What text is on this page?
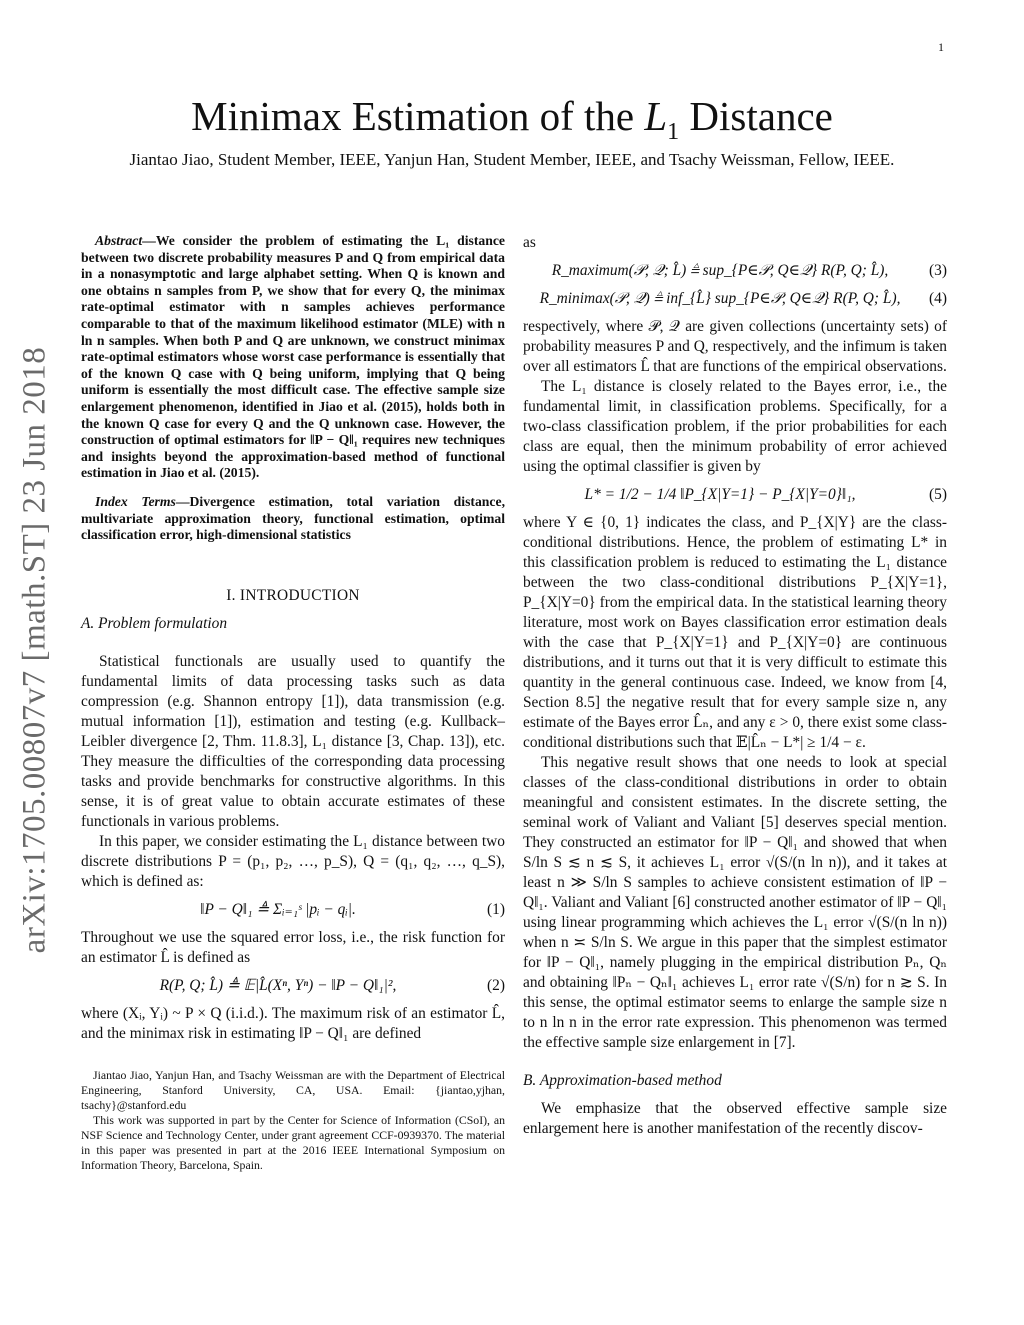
1
arXiv:1705.00807v7 [math.ST] 23 Jun 2018
Minimax Estimation of the $L_1$ Distance
Jiantao Jiao, Student Member, IEEE, Yanjun Han, Student Member, IEEE, and Tsachy Weissman, Fellow, IEEE.

Abstract—We consider the problem of estimating the L₁ distance between two discrete probability measures P and Q from empirical data in a nonasymptotic and large alphabet setting. When Q is known and one obtains n samples from P, we show that for every Q, the minimax rate-optimal estimator with n samples achieves performance comparable to that of the maximum likelihood estimator (MLE) with n ln n samples. When both P and Q are unknown, we construct minimax rate-optimal estimators whose worst case performance is essentially that of the known Q case with Q being uniform, implying that Q being uniform is essentially the most difficult case. The effective sample size enlargement phenomenon, identified in Jiao et al. (2015), holds both in the known Q case for every Q and the Q unknown case. However, the construction of optimal estimators for ‖P − Q‖₁ requires new techniques and insights beyond the approximation-based method of functional estimation in Jiao et al. (2015).

Index Terms—Divergence estimation, total variation distance, multivariate approximation theory, functional estimation, optimal classification error, high-dimensional statistics

I. INTRODUCTION
A. Problem formulation

Statistical functionals are usually used to quantify the fundamental limits of data processing tasks such as data compression (e.g. Shannon entropy [1]), data transmission (e.g. mutual information [1]), estimation and testing (e.g. Kullback–Leibler divergence [2, Thm. 11.8.3], L₁ distance [3, Chap. 13]), etc. They measure the difficulties of the corresponding data processing tasks and provide benchmarks for constructive algorithms. In this sense, it is of great value to obtain accurate estimates of these functionals in various problems.

In this paper, we consider estimating the L₁ distance between two discrete distributions P = (p₁, p₂, …, p_S), Q = (q₁, q₂, …, q_S), which is defined as:

‖P − Q‖₁ ≜ Σᵢ₌₁ˢ |pᵢ − qᵢ|.	(1)

Throughout we use the squared error loss, i.e., the risk function for an estimator L̂ is defined as

R(P, Q; L̂) ≜ 𝔼|L̂(Xⁿ, Yⁿ) − ‖P − Q‖₁|²,	(2)

where (Xᵢ, Yᵢ) ~ P × Q (i.i.d.). The maximum risk of an estimator L̂, and the minimax risk in estimating ‖P − Q‖₁ are defined

Jiantao Jiao, Yanjun Han, and Tsachy Weissman are with the Department of Electrical Engineering, Stanford University, CA, USA. Email: {jiantao,yjhan, tsachy}@stanford.edu

This work was supported in part by the Center for Science of Information (CSoI), an NSF Science and Technology Center, under grant agreement CCF-0939370. The material in this paper was presented in part at the 2016 IEEE International Symposium on Information Theory, Barcelona, Spain.

as

R_maximum(𝒫, 𝒬; L̂) ≜ sup_{P∈𝒫, Q∈𝒬} R(P, Q; L̂),	(3)
R_minimax(𝒫, 𝒬) ≜ inf_{L̂} sup_{P∈𝒫, Q∈𝒬} R(P, Q; L̂),	(4)

respectively, where 𝒫, 𝒬 are given collections (uncertainty sets) of probability measures P and Q, respectively, and the infimum is taken over all estimators L̂ that are functions of the empirical observations.

The L₁ distance is closely related to the Bayes error, i.e., the fundamental limit, in classification problems. Specifically, for a two-class classification problem, if the prior probabilities for each class are equal, then the minimum probability of error achieved using the optimal classifier is given by

L* = 1/2 − 1/4 ‖P_{X|Y=1} − P_{X|Y=0}‖₁,	(5)

where Y ∈ {0, 1} indicates the class, and P_{X|Y} are the class-conditional distributions. Hence, the problem of estimating L* in this classification problem is reduced to estimating the L₁ distance between the two class-conditional distributions P_{X|Y=1}, P_{X|Y=0} from the empirical data. In the statistical learning theory literature, most work on Bayes classification error estimation deals with the case that P_{X|Y=1} and P_{X|Y=0} are continuous distributions, and it turns out that it is very difficult to estimate this quantity in the general continuous case. Indeed, we know from [4, Section 8.5] the negative result that for every sample size n, any estimate of the Bayes error L̂ₙ, and any ε > 0, there exist some class-conditional distributions such that 𝔼|L̂ₙ − L*| ≥ 1/4 − ε.

This negative result shows that one needs to look at special classes of the class-conditional distributions in order to obtain meaningful and consistent estimates. In the discrete setting, the seminal work of Valiant and Valiant [5] deserves special mention. They constructed an estimator for ‖P − Q‖₁ and showed that when S/ln S ≲ n ≲ S, it achieves L₁ error √(S/(n ln n)), and it takes at least n ≫ S/ln S samples to achieve consistent estimation of ‖P − Q‖₁. Valiant and Valiant [6] constructed another estimator of ‖P − Q‖₁ using linear programming which achieves the L₁ error √(S/(n ln n)) when n ≍ S/ln S. We argue in this paper that the simplest estimator for ‖P − Q‖₁, namely plugging in the empirical distribution Pₙ, Qₙ and obtaining ‖Pₙ − Qₙ‖₁ achieves L₁ error rate √(S/n) for n ≳ S. In this sense, the optimal estimator seems to enlarge the sample size n to n ln n in the error rate expression. This phenomenon was termed the effective sample size enlargement in [7].

B. Approximation-based method

We emphasize that the observed effective sample size enlargement here is another manifestation of the recently discov-
